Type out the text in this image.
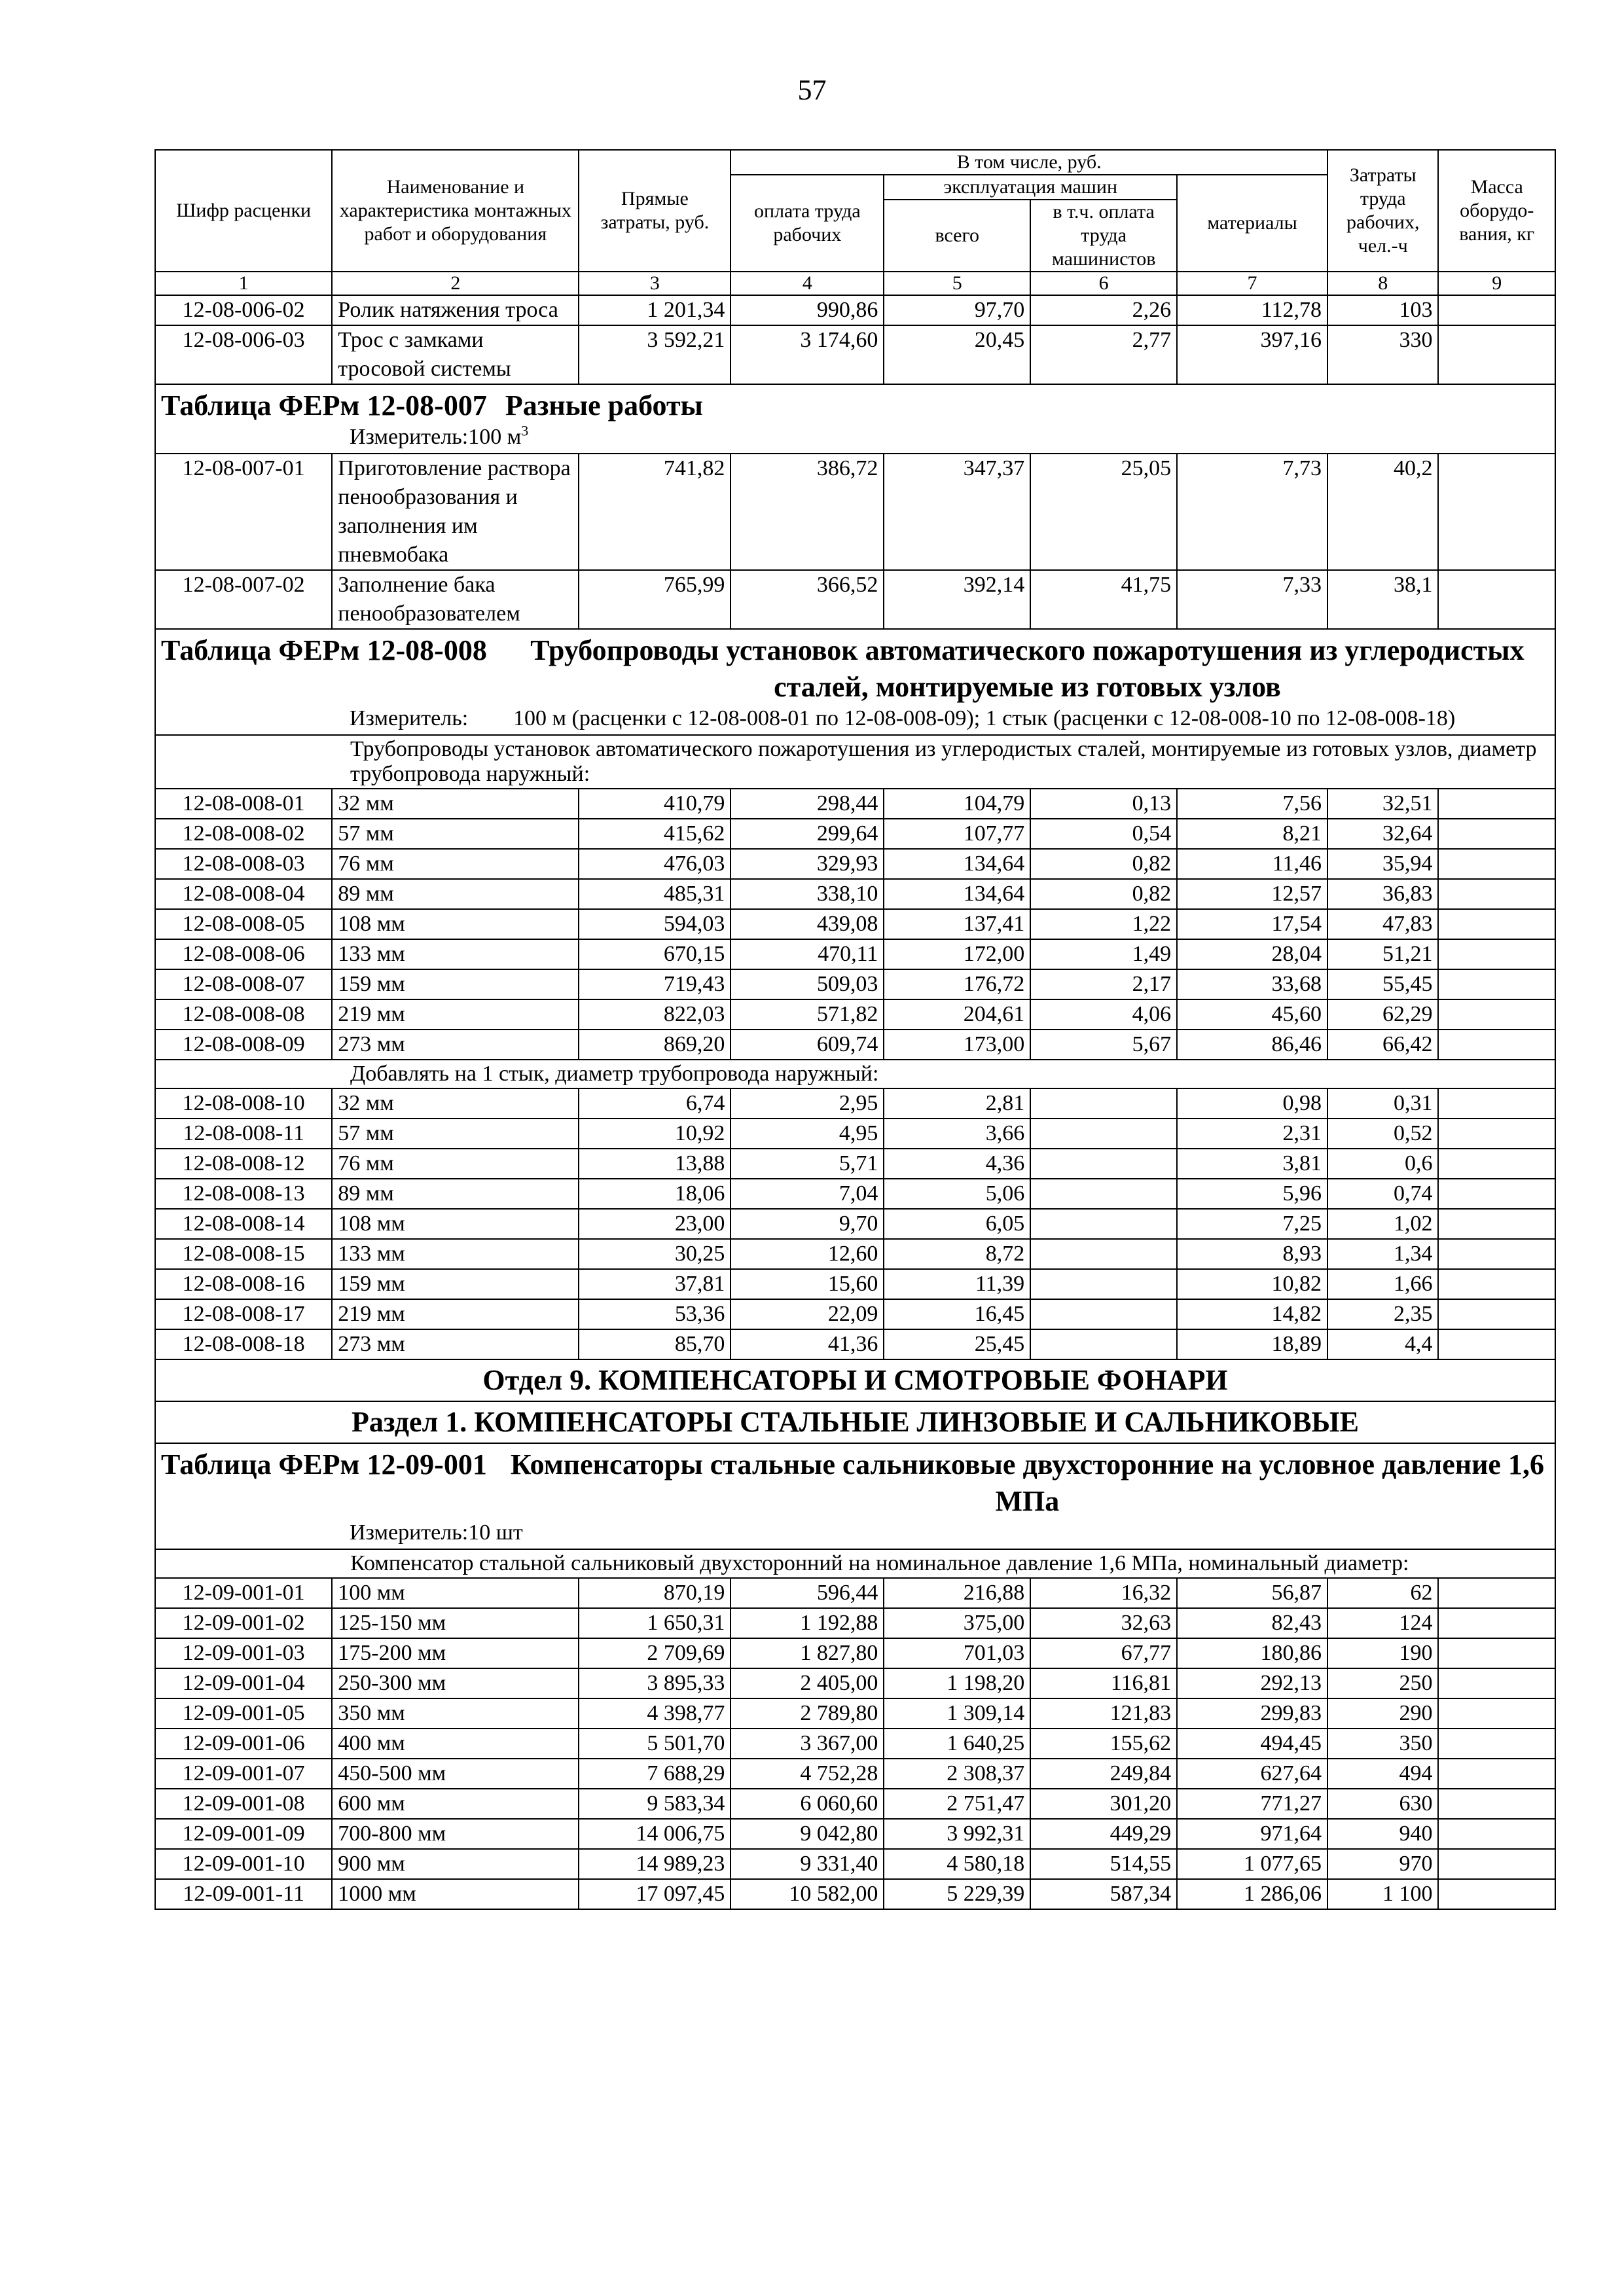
57
Шифр расценки	Наименование и характеристика монтажных работ и оборудования	Прямые затраты, руб.	В том числе, руб.				Затраты труда рабочих, чел.-ч	Масса оборудо-вания, кг
			оплата труда рабочих	эксплуатация машин		материалы		
				всего	в т.ч. оплата труда машинистов			
1	2	3	4	5	6	7	8	9
12-08-006-02	Ролик натяжения троса	1 201,34	990,86	97,70	2,26	112,78	103	
12-08-006-03	Трос с замками тросовой системы	3 592,21	3 174,60	20,45	2,77	397,16	330	

Таблица ФЕРм 12-08-007 Разные работы								

Измеритель: 100 $м^3$

12-08-007-01	Приготовление раствора пенообразования и заполнения им пневмобака	741,82	386,72	347,37	25,05	7,73	40,2	
12-08-007-02	Заполнение бака пенообразователем	765,99	366,52	392,14	41,75	7,33	38,1	

Таблица ФЕРм 12-08-008 Трубопроводы установок автоматического пожаротушения из углеродистых сталей, монтируемые из готовых узлов								

Измеритель: 100 м (расценки с 12-08-008-01 по 12-08-008-09); 1 стык (расценки с 12-08-008-10 по 12-08-008-18)								

Трубопроводы установок автоматического пожаротушения из углеродистых сталей, монтируемые из готовых узлов, диаметр трубопровода наружный:								
12-08-008-01	32 мм	410,79	298,44	104,79	0,13	7,56	32,51	
12-08-008-02	57 мм	415,62	299,64	107,77	0,54	8,21	32,64	
12-08-008-03	76 мм	476,03	329,93	134,64	0,82	11,46	35,94	
12-08-008-04	89 мм	485,31	338,10	134,64	0,82	12,57	36,83	
12-08-008-05	108 мм	594,03	439,08	137,41	1,22	17,54	47,83	
12-08-008-06	133 мм	670,15	470,11	172,00	1,49	28,04	51,21	
12-08-008-07	159 мм	719,43	509,03	176,72	2,17	33,68	55,45	
12-08-008-08	219 мм	822,03	571,82	204,61	4,06	45,60	62,29	
12-08-008-09	273 мм	869,20	609,74	173,00	5,67	86,46	66,42	
Добавлять на 1 стык, диаметр трубопровода наружный:								
12-08-008-10	32 мм	6,74	2,95	2,81		0,98	0,31	
12-08-008-11	57 мм	10,92	4,95	3,66		2,31	0,52	
12-08-008-12	76 мм	13,88	5,71	4,36		3,81	0,6	
12-08-008-13	89 мм	18,06	7,04	5,06		5,96	0,74	
12-08-008-14	108 мм	23,00	9,70	6,05		7,25	1,02	
12-08-008-15	133 мм	30,25	12,60	8,72		8,93	1,34	
12-08-008-16	159 мм	37,81	15,60	11,39		10,82	1,66	
12-08-008-17	219 мм	53,36	22,09	16,45		14,82	2,35	
12-08-008-18	273 мм	85,70	41,36	25,45		18,89	4,4	
Отдел 9. КОМПЕНСАТОРЫ И СМОТРОВЫЕ ФОНАРИ								
Раздел 1. КОМПЕНСАТОРЫ СТАЛЬНЫЕ ЛИНЗОВЫЕ И САЛЬНИКОВЫЕ								

Таблица ФЕРм 12-09-001 Компенсаторы стальные сальниковые двухсторонние на условное давление 1,6 МПа								

Измеритель: 10 шт								

Компенсатор стальной сальниковый двухсторонний на номинальное давление 1,6 МПа, номинальный диаметр:								
12-09-001-01	100 мм	870,19	596,44	216,88	16,32	56,87	62	
12-09-001-02	125-150 мм	1 650,31	1 192,88	375,00	32,63	82,43	124	
12-09-001-03	175-200 мм	2 709,69	1 827,80	701,03	67,77	180,86	190	
12-09-001-04	250-300 мм	3 895,33	2 405,00	1 198,20	116,81	292,13	250	
12-09-001-05	350 мм	4 398,77	2 789,80	1 309,14	121,83	299,83	290	
12-09-001-06	400 мм	5 501,70	3 367,00	1 640,25	155,62	494,45	350	
12-09-001-07	450-500 мм	7 688,29	4 752,28	2 308,37	249,84	627,64	494	
12-09-001-08	600 мм	9 583,34	6 060,60	2 751,47	301,20	771,27	630	
12-09-001-09	700-800 мм	14 006,75	9 042,80	3 992,31	449,29	971,64	940	
12-09-001-10	900 мм	14 989,23	9 331,40	4 580,18	514,55	1 077,65	970	
12-09-001-11	1000 мм	17 097,45	10 582,00	5 229,39	587,34	1 286,06	1 100	
